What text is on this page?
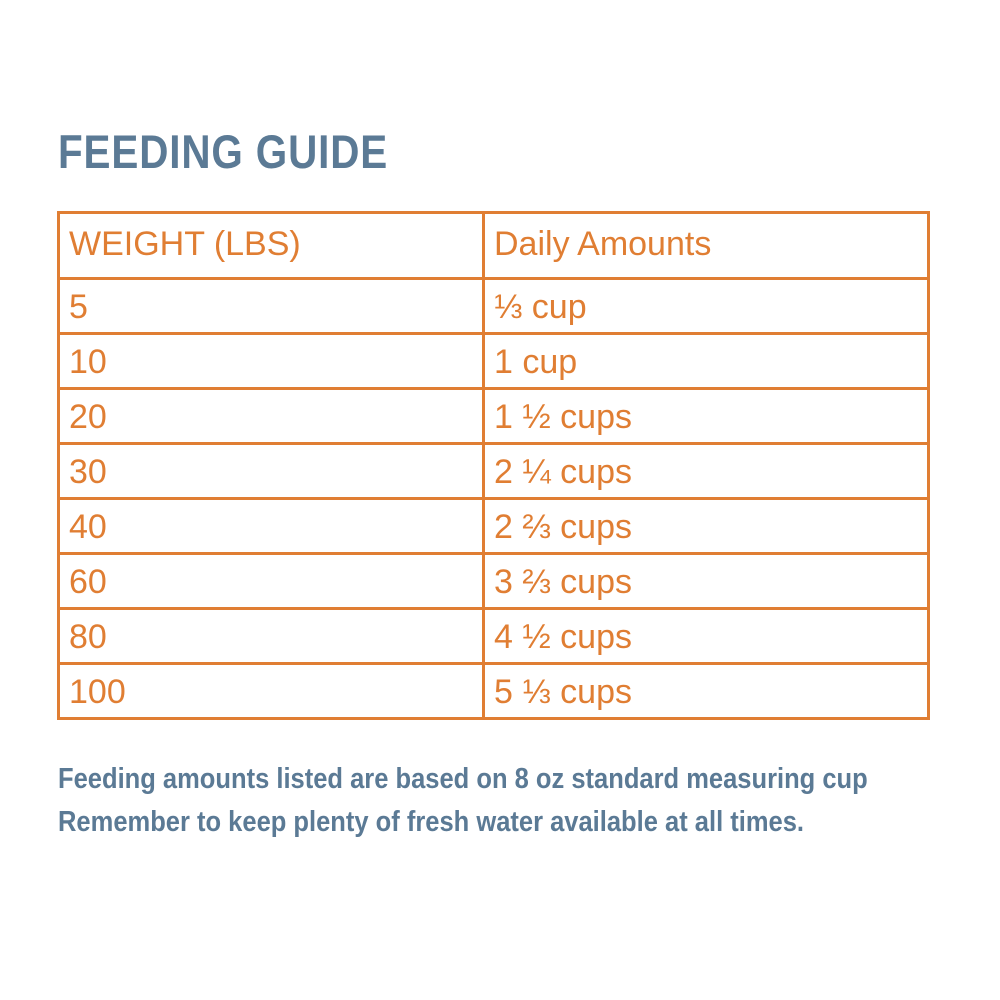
FEEDING GUIDE
WEIGHT (LBS)	Daily Amounts
5	⅓ cup
10	1 cup
20	1 ½ cups
30	2 ¼ cups
40	2 ⅔ cups
60	3 ⅔ cups
80	4 ½ cups
100	5 ⅓ cups
Feeding amounts listed are based on 8 oz standard measuring cup
Remember to keep plenty of fresh water available at all times.
